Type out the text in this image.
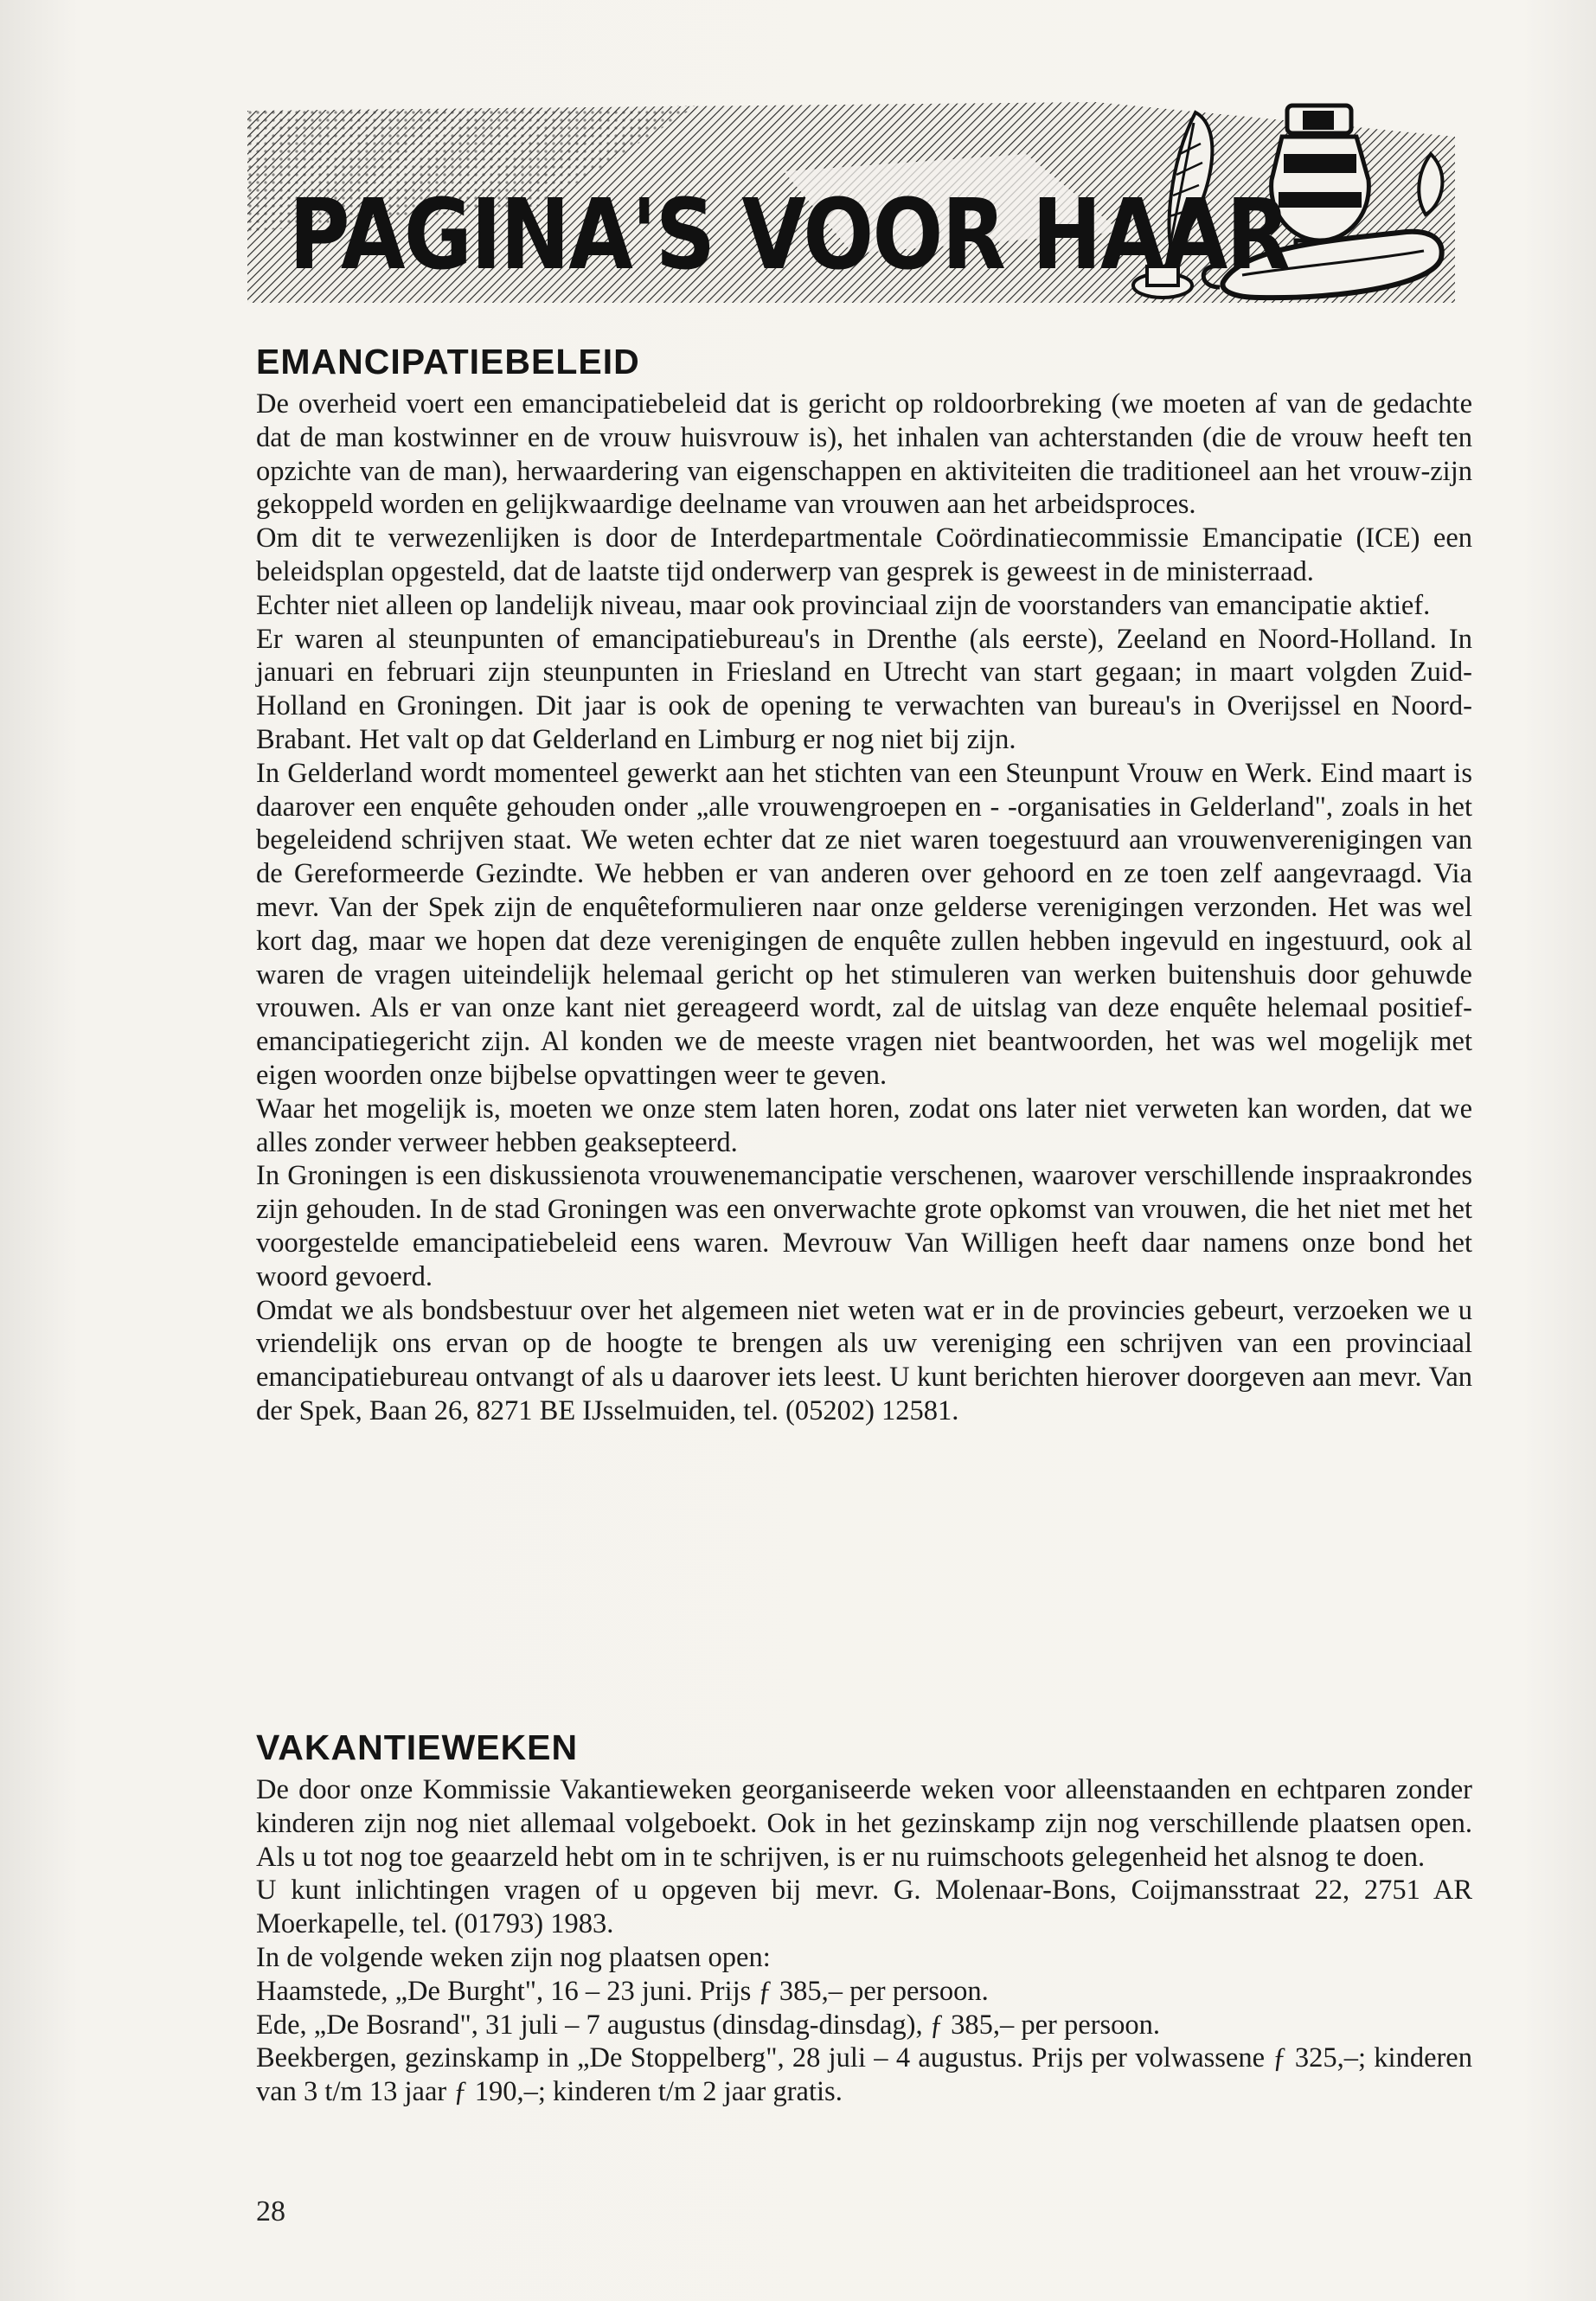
PAGINA'S VOOR HAAR
EMANCIPATIEBELEID

De overheid voert een emancipatiebeleid dat is gericht op roldoorbreking (we moeten af van de gedachte dat de man kostwinner en de vrouw huisvrouw is), het inhalen van achterstanden (die de vrouw heeft ten opzichte van de man), herwaardering van eigenschappen en aktiviteiten die traditioneel aan het vrouw-zijn gekoppeld worden en gelijkwaardige deelname van vrouwen aan het arbeidsproces.

Om dit te verwezenlijken is door de Interdepartmentale Coördinatiecommissie Emancipatie (ICE) een beleidsplan opgesteld, dat de laatste tijd onderwerp van gesprek is geweest in de ministerraad.

Echter niet alleen op landelijk niveau, maar ook provinciaal zijn de voorstanders van emancipatie aktief.

Er waren al steunpunten of emancipatiebureau's in Drenthe (als eerste), Zeeland en Noord-Holland. In januari en februari zijn steunpunten in Friesland en Utrecht van start gegaan; in maart volgden Zuid-Holland en Groningen. Dit jaar is ook de opening te verwachten van bureau's in Overijssel en Noord-Brabant. Het valt op dat Gelderland en Limburg er nog niet bij zijn.

In Gelderland wordt momenteel gewerkt aan het stichten van een Steunpunt Vrouw en Werk. Eind maart is daarover een enquête gehouden onder „alle vrouwengroepen en - -organisaties in Gelderland", zoals in het begeleidend schrijven staat. We weten echter dat ze niet waren toegestuurd aan vrouwenverenigingen van de Gereformeerde Gezindte. We hebben er van anderen over gehoord en ze toen zelf aangevraagd. Via mevr. Van der Spek zijn de enquêteformulieren naar onze gelderse verenigingen verzonden. Het was wel kort dag, maar we hopen dat deze verenigingen de enquête zullen hebben ingevuld en ingestuurd, ook al waren de vragen uiteindelijk helemaal gericht op het stimuleren van werken buitenshuis door gehuwde vrouwen. Als er van onze kant niet gereageerd wordt, zal de uitslag van deze enquête helemaal positief-emancipatiegericht zijn. Al konden we de meeste vragen niet beantwoorden, het was wel mogelijk met eigen woorden onze bijbelse opvattingen weer te geven.

Waar het mogelijk is, moeten we onze stem laten horen, zodat ons later niet verweten kan worden, dat we alles zonder verweer hebben geaksepteerd.

In Groningen is een diskussienota vrouwenemancipatie verschenen, waarover verschillende inspraakrondes zijn gehouden. In de stad Groningen was een onverwachte grote opkomst van vrouwen, die het niet met het voorgestelde emancipatiebeleid eens waren. Mevrouw Van Willigen heeft daar namens onze bond het woord gevoerd.

Omdat we als bondsbestuur over het algemeen niet weten wat er in de provincies gebeurt, verzoeken we u vriendelijk ons ervan op de hoogte te brengen als uw vereniging een schrijven van een provinciaal emancipatiebureau ontvangt of als u daarover iets leest. U kunt berichten hierover doorgeven aan mevr. Van der Spek, Baan 26, 8271 BE IJsselmuiden, tel. (05202) 12581.

VAKANTIEWEKEN

De door onze Kommissie Vakantieweken georganiseerde weken voor alleenstaanden en echtparen zonder kinderen zijn nog niet allemaal volgeboekt. Ook in het gezinskamp zijn nog verschillende plaatsen open. Als u tot nog toe geaarzeld hebt om in te schrijven, is er nu ruimschoots gelegenheid het alsnog te doen.

U kunt inlichtingen vragen of u opgeven bij mevr. G. Molenaar-Bons, Coijmansstraat 22, 2751 AR Moerkapelle, tel. (01793) 1983.

In de volgende weken zijn nog plaatsen open:

Haamstede, „De Burght", 16 – 23 juni. Prijs ƒ 385,– per persoon.

Ede, „De Bosrand", 31 juli – 7 augustus (dinsdag-dinsdag), ƒ 385,– per persoon.

Beekbergen, gezinskamp in „De Stoppelberg", 28 juli – 4 augustus. Prijs per volwassene ƒ 325,–; kinderen van 3 t/m 13 jaar ƒ 190,–; kinderen t/m 2 jaar gratis.

28
